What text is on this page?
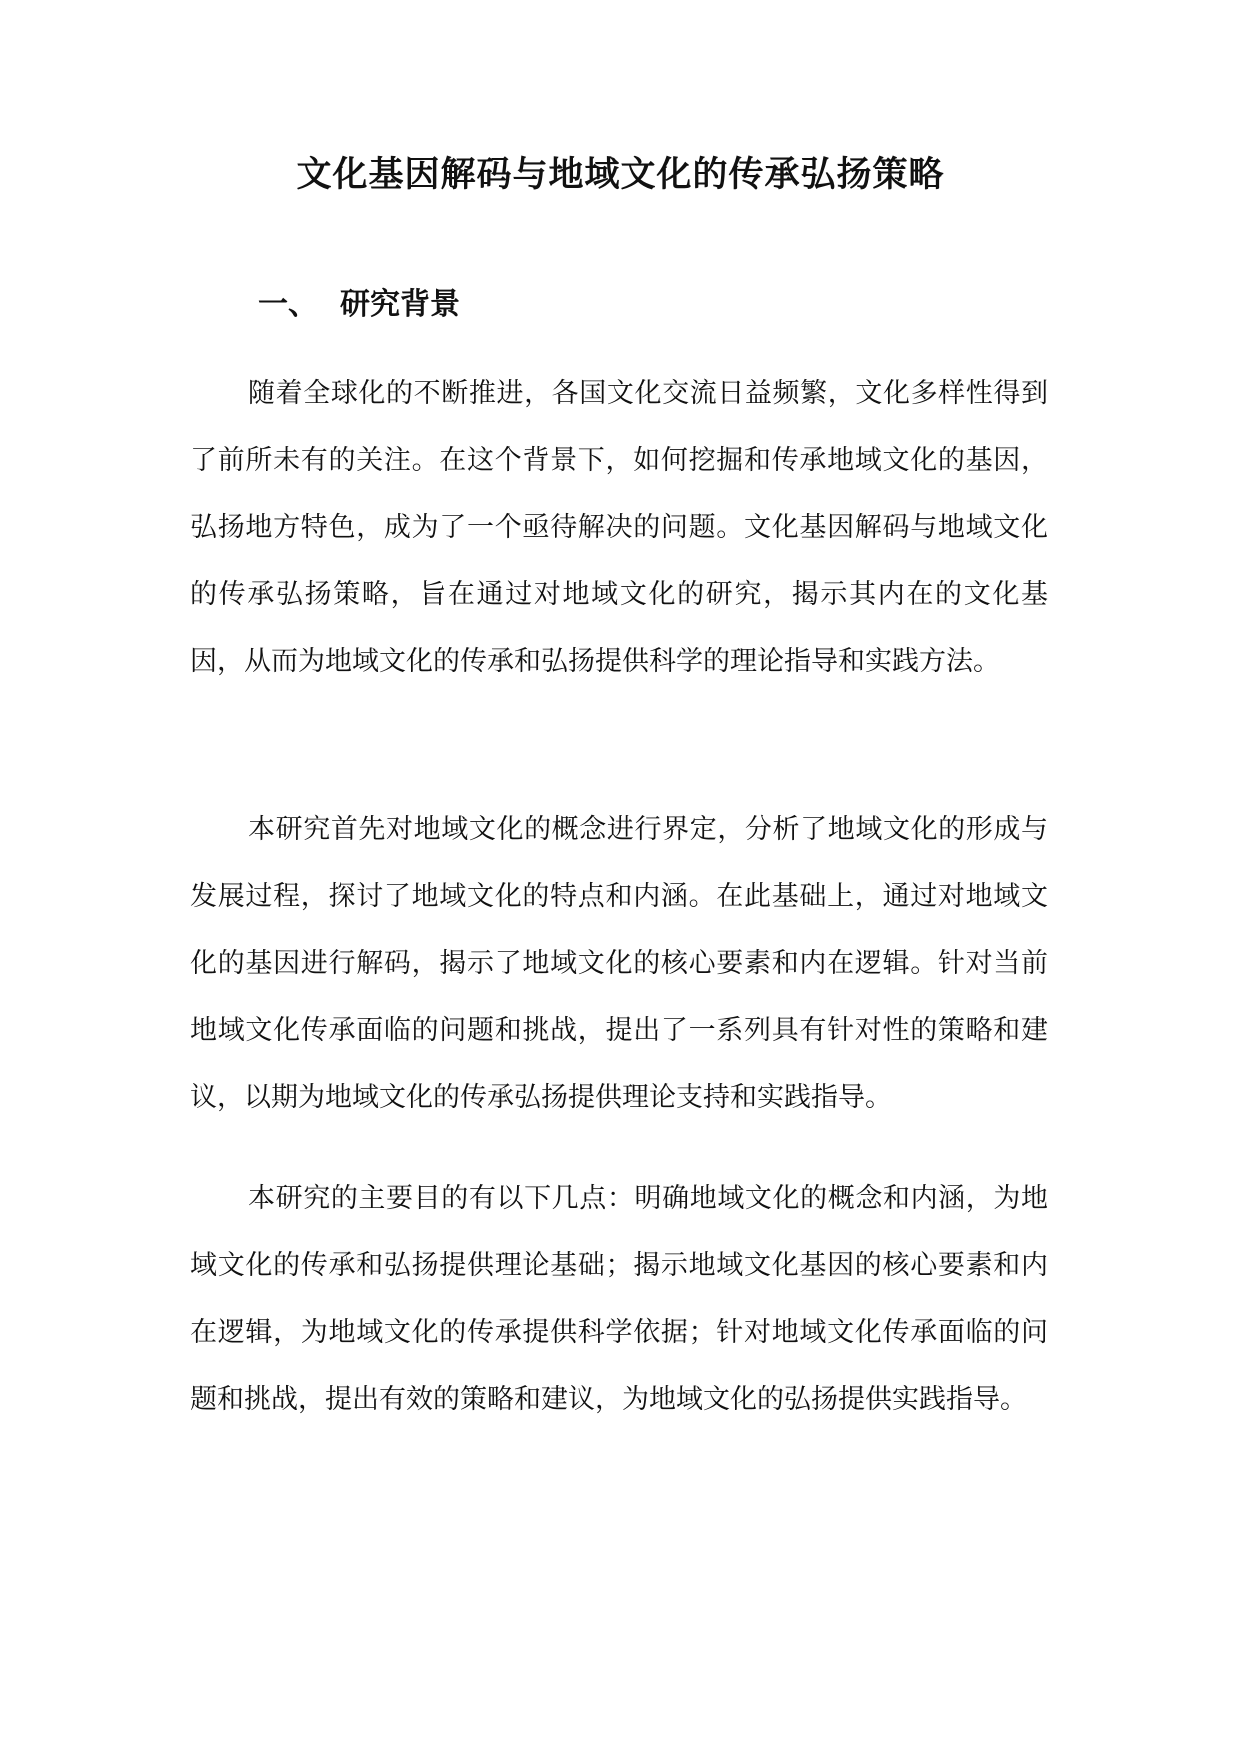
文化基因解码与地域文化的传承弘扬策略
一、 研究背景

随着全球化的不断推进，各国文化交流日益频繁，文化多样性得到了前所未有的关注。在这个背景下，如何挖掘和传承地域文化的基因，弘扬地方特色，成为了一个亟待解决的问题。文化基因解码与地域文化的传承弘扬策略，旨在通过对地域文化的研究，揭示其内在的文化基因，从而为地域文化的传承和弘扬提供科学的理论指导和实践方法。

本研究首先对地域文化的概念进行界定，分析了地域文化的形成与发展过程，探讨了地域文化的特点和内涵。在此基础上，通过对地域文化的基因进行解码，揭示了地域文化的核心要素和内在逻辑。针对当前地域文化传承面临的问题和挑战，提出了一系列具有针对性的策略和建议，以期为地域文化的传承弘扬提供理论支持和实践指导。

本研究的主要目的有以下几点：明确地域文化的概念和内涵，为地域文化的传承和弘扬提供理论基础；揭示地域文化基因的核心要素和内在逻辑，为地域文化的传承提供科学依据；针对地域文化传承面临的问题和挑战，提出有效的策略和建议，为地域文化的弘扬提供实践指导。
